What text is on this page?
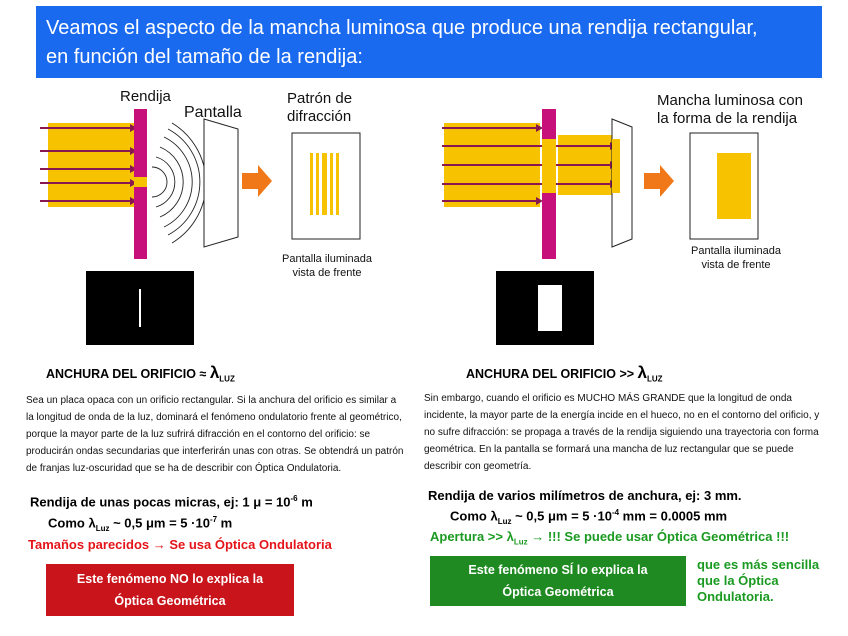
Veamos el aspecto de la mancha luminosa que produce una rendija rectangular,
en función del tamaño de la rendija:
Rendija
Pantalla
Patrón de
difracción
Pantalla iluminada
vista de frente
ANCHURA DEL ORIFICIO ≈ $\lambda_{LUZ}$
Sea un placa opaca con un orificio rectangular. Si la anchura del orificio es similar a la longitud de onda de la luz, dominará el fenómeno ondulatorio frente al geométrico, porque la mayor parte de la luz sufrirá difracción en el contorno del orificio: se producirán ondas secundarias que interferirán unas con otras. Se obtendrá un patrón de franjas luz-oscuridad que se ha de describir con Óptica Ondulatoria.
Rendija de unas pocas micras, ej: 1 $\mu = 10^{-6}$ m
Como $\lambda_{Luz}$ ~ 0,5 $\mu m = 5 \cdot 10^{-7}$ m
Tamaños parecidos → Se usa Óptica Ondulatoria
Este fenómeno NO lo explica la
Óptica Geométrica
Mancha luminosa con
la forma de la rendija
Pantalla iluminada
vista de frente
ANCHURA DEL ORIFICIO >> $\lambda_{LUZ}$
Sin embargo, cuando el orificio es MUCHO MÁS GRANDE que la longitud de onda incidente, la mayor parte de la energía incide en el hueco, no en el contorno del orificio, y no sufre difracción: se propaga a través de la rendija siguiendo una trayectoria con forma geométrica. En la pantalla se formará una mancha de luz rectangular que se puede describir con geometría.
Rendija de varios milímetros de anchura, ej: 3 mm.
Como $\lambda_{Luz}$ ~ 0,5 $\mu m = 5 \cdot 10^{-4}$ mm = 0.0005 mm
Apertura >> $\lambda_{Luz}$ → !!! Se puede usar Óptica Geométrica !!!
Este fenómeno SÍ lo explica la
Óptica Geométrica
que es más sencilla
que la Óptica
Ondulatoria.
